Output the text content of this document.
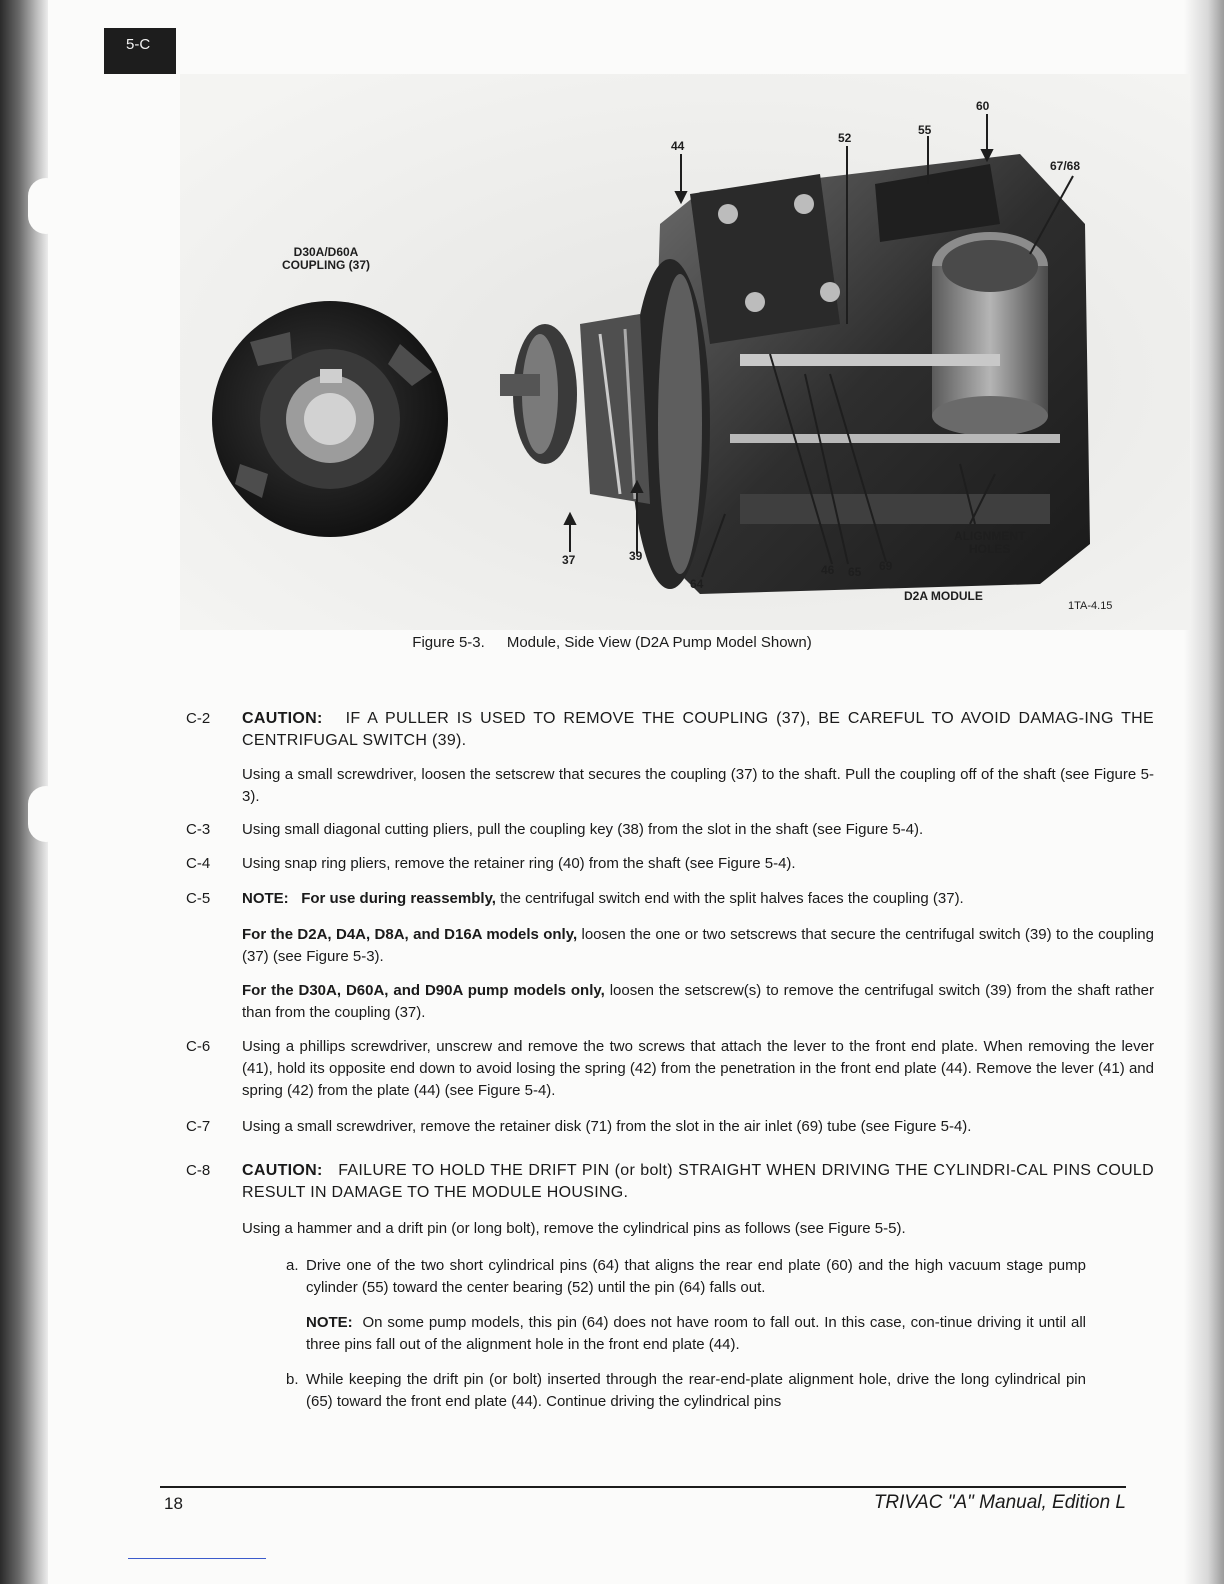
5-C
D30A/D60A
COUPLING (37)
44
52
55
60
67/68
37	39
64
46 65 69
ALIGNMENT
HOLES
D2A MODULE
1TA-4.15
Figure 5-3. Module, Side View (D2A Pump Model Shown)
C-2 CAUTION: IF A PULLER IS USED TO REMOVE THE COUPLING (37), BE CAREFUL TO AVOID DAMAG-ING THE CENTRIFUGAL SWITCH (39).
Using a small screwdriver, loosen the setscrew that secures the coupling (37) to the shaft. Pull the coupling off of the shaft (see Figure 5-3).
C-3 Using small diagonal cutting pliers, pull the coupling key (38) from the slot in the shaft (see Figure 5-4).
C-4 Using snap ring pliers, remove the retainer ring (40) from the shaft (see Figure 5-4).
C-5 NOTE: For use during reassembly, the centrifugal switch end with the split halves faces the coupling (37).
For the D2A, D4A, D8A, and D16A models only, loosen the one or two setscrews that secure the centrifugal switch (39) to the coupling (37) (see Figure 5-3).
For the D30A, D60A, and D90A pump models only, loosen the setscrew(s) to remove the centrifugal switch (39) from the shaft rather than from the coupling (37).
C-6 Using a phillips screwdriver, unscrew and remove the two screws that attach the lever to the front end plate. When removing the lever (41), hold its opposite end down to avoid losing the spring (42) from the penetration in the front end plate (44). Remove the lever (41) and spring (42) from the plate (44) (see Figure 5-4).
C-7 Using a small screwdriver, remove the retainer disk (71) from the slot in the air inlet (69) tube (see Figure 5-4).
C-8 CAUTION: FAILURE TO HOLD THE DRIFT PIN (or bolt) STRAIGHT WHEN DRIVING THE CYLINDRI-CAL PINS COULD RESULT IN DAMAGE TO THE MODULE HOUSING.
Using a hammer and a drift pin (or long bolt), remove the cylindrical pins as follows (see Figure 5-5).
a. Drive one of the two short cylindrical pins (64) that aligns the rear end plate (60) and the high vacuum stage pump cylinder (55) toward the center bearing (52) until the pin (64) falls out.
NOTE: On some pump models, this pin (64) does not have room to fall out. In this case, con-tinue driving it until all three pins fall out of the alignment hole in the front end plate (44).
b. While keeping the drift pin (or bolt) inserted through the rear-end-plate alignment hole, drive the long cylindrical pin (65) toward the front end plate (44). Continue driving the cylindrical pins
18	TRIVAC "A" Manual, Edition L
